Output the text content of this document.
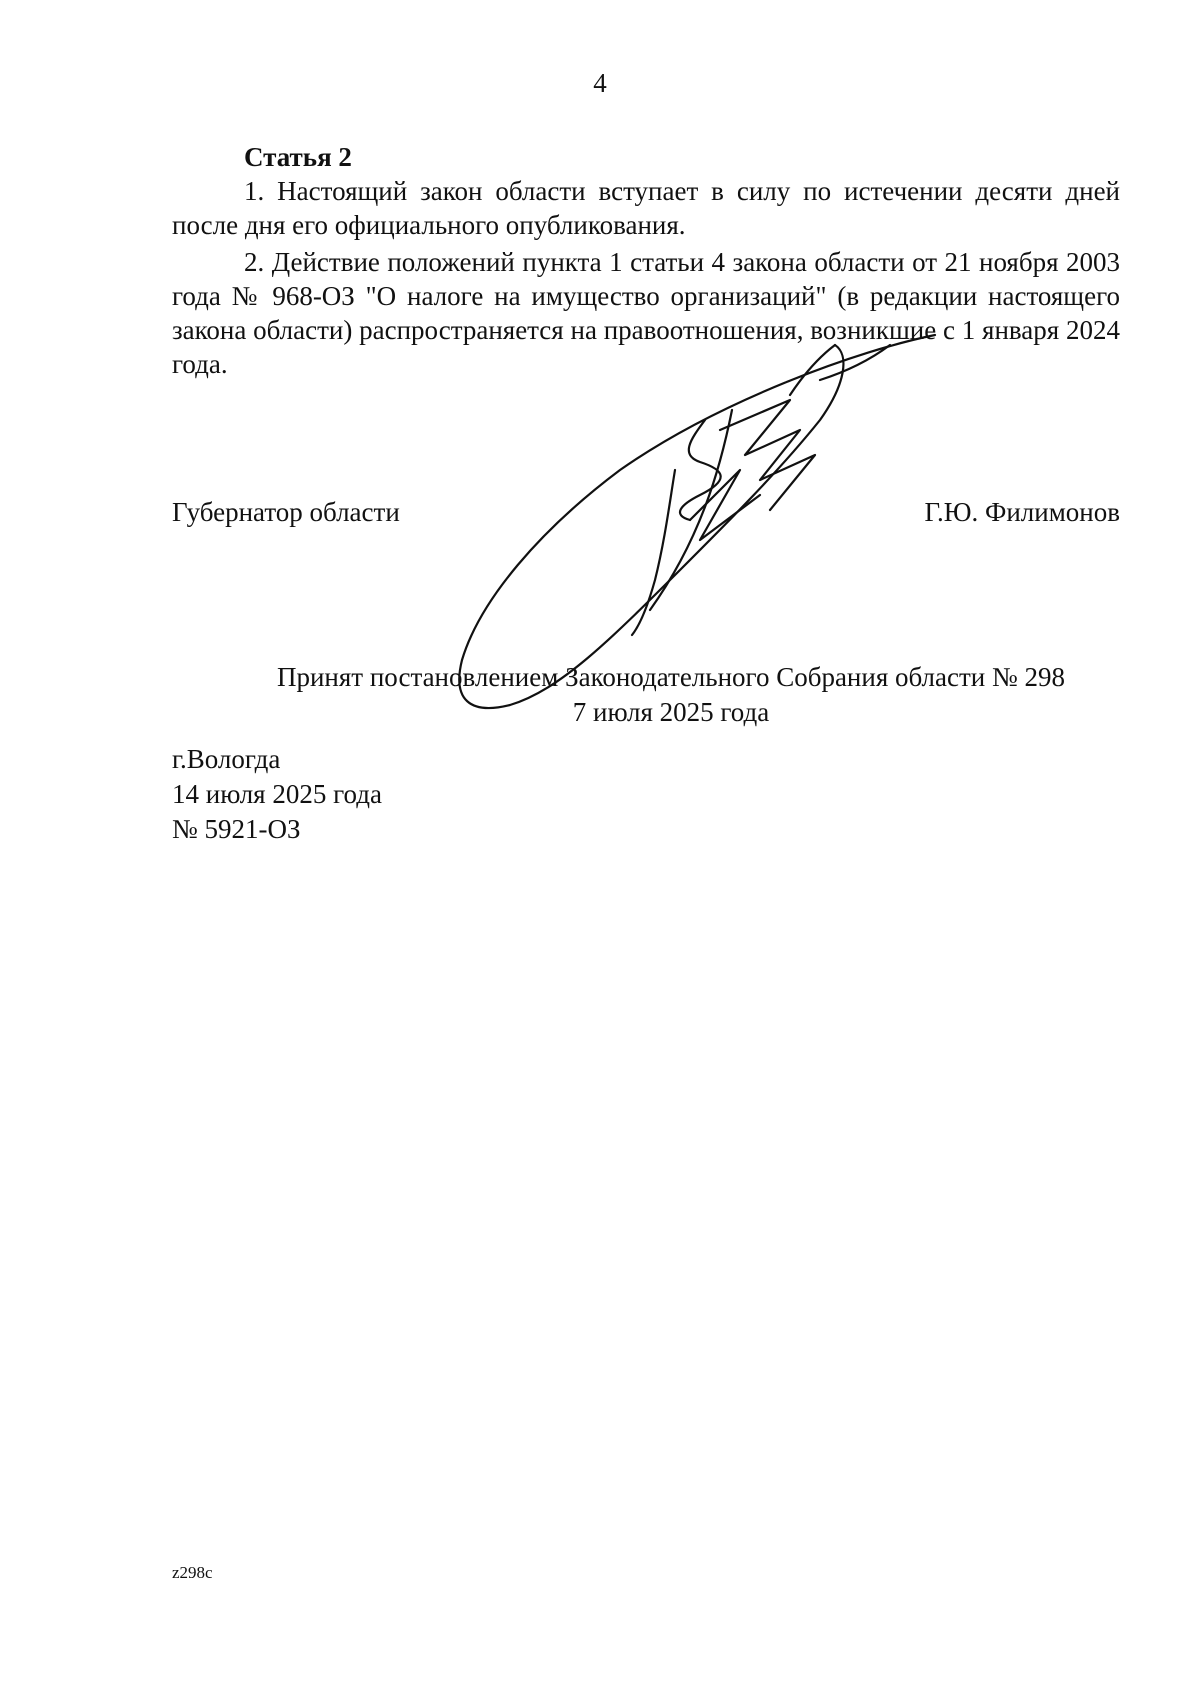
4
Статья 2

1. Настоящий закон области вступает в силу по истечении десяти дней после дня его официального опубликования.

2. Действие положений пункта 1 статьи 4 закона области от 21 ноября 2003 года № 968-ОЗ "О налоге на имущество организаций" (в редакции настоящего закона области) распространяется на правоотношения, возникшие с 1 января 2024 года.

Губернатор области	Г.Ю. Филимонов
Принят постановлением Законодательного Собрания области № 298
7 июля 2025 года
г.Вологда
14 июля 2025 года
№ 5921-ОЗ
z298c
